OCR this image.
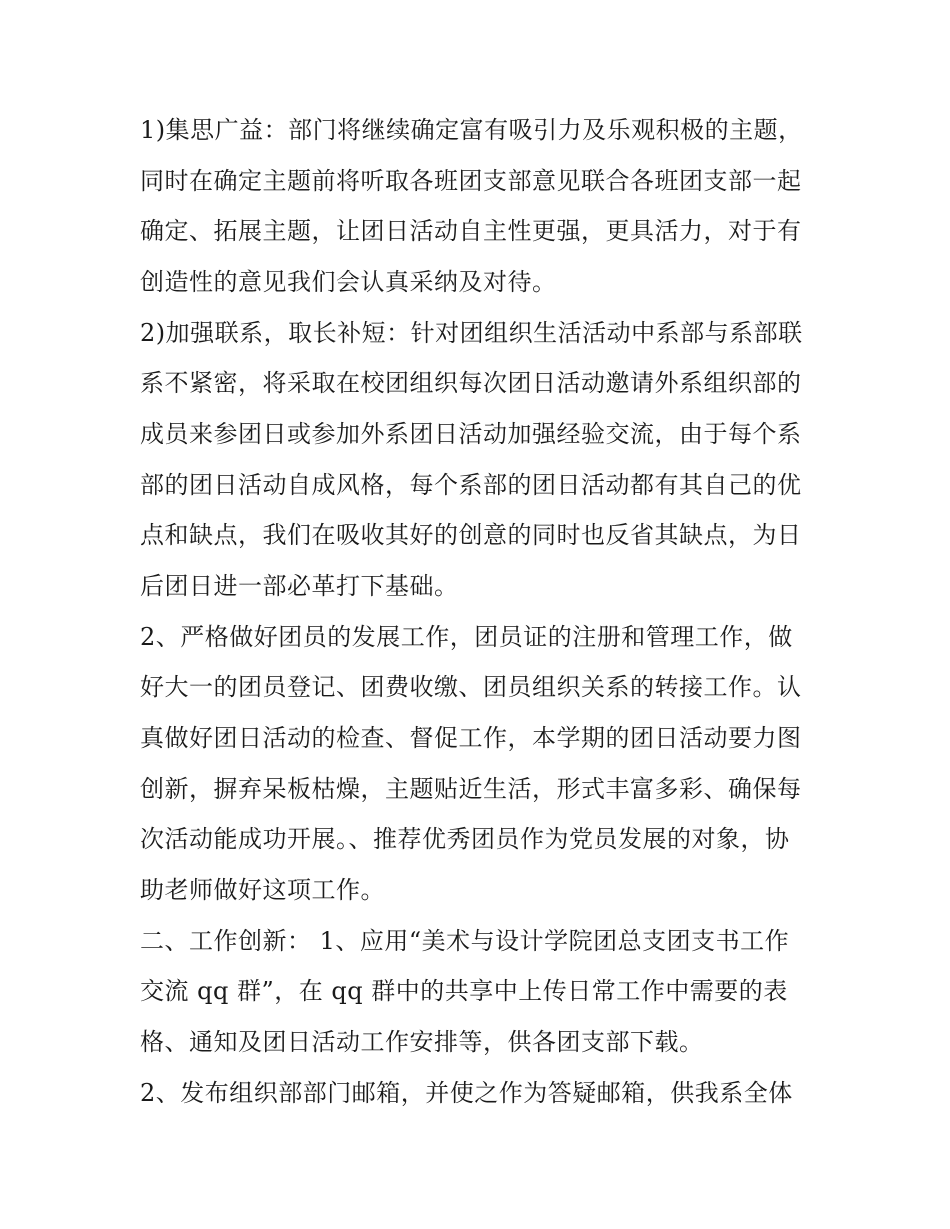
1)集思广益：部门将继续确定富有吸引力及乐观积极的主题，
同时在确定主题前将听取各班团支部意见联合各班团支部一起
确定、拓展主题，让团日活动自主性更强，更具活力，对于有
创造性的意见我们会认真采纳及对待。
2)加强联系，取长补短：针对团组织生活活动中系部与系部联
系不紧密，将采取在校团组织每次团日活动邀请外系组织部的
成员来参团日或参加外系团日活动加强经验交流，由于每个系
部的团日活动自成风格，每个系部的团日活动都有其自己的优
点和缺点，我们在吸收其好的创意的同时也反省其缺点，为日
后团日进一部必革打下基础。
2、严格做好团员的发展工作，团员证的注册和管理工作，做
好大一的团员登记、团费收缴、团员组织关系的转接工作。认
真做好团日活动的检查、督促工作，本学期的团日活动要力图
创新，摒弃呆板枯燥，主题贴近生活，形式丰富多彩、确保每
次活动能成功开展。、推荐优秀团员作为党员发展的对象，协
助老师做好这项工作。
二、工作创新： 1、应用“美术与设计学院团总支团支书工作
交流 qq 群”，在 qq 群中的共享中上传日常工作中需要的表
格、通知及团日活动工作安排等，供各团支部下载。
2、发布组织部部门邮箱，并使之作为答疑邮箱，供我系全体
